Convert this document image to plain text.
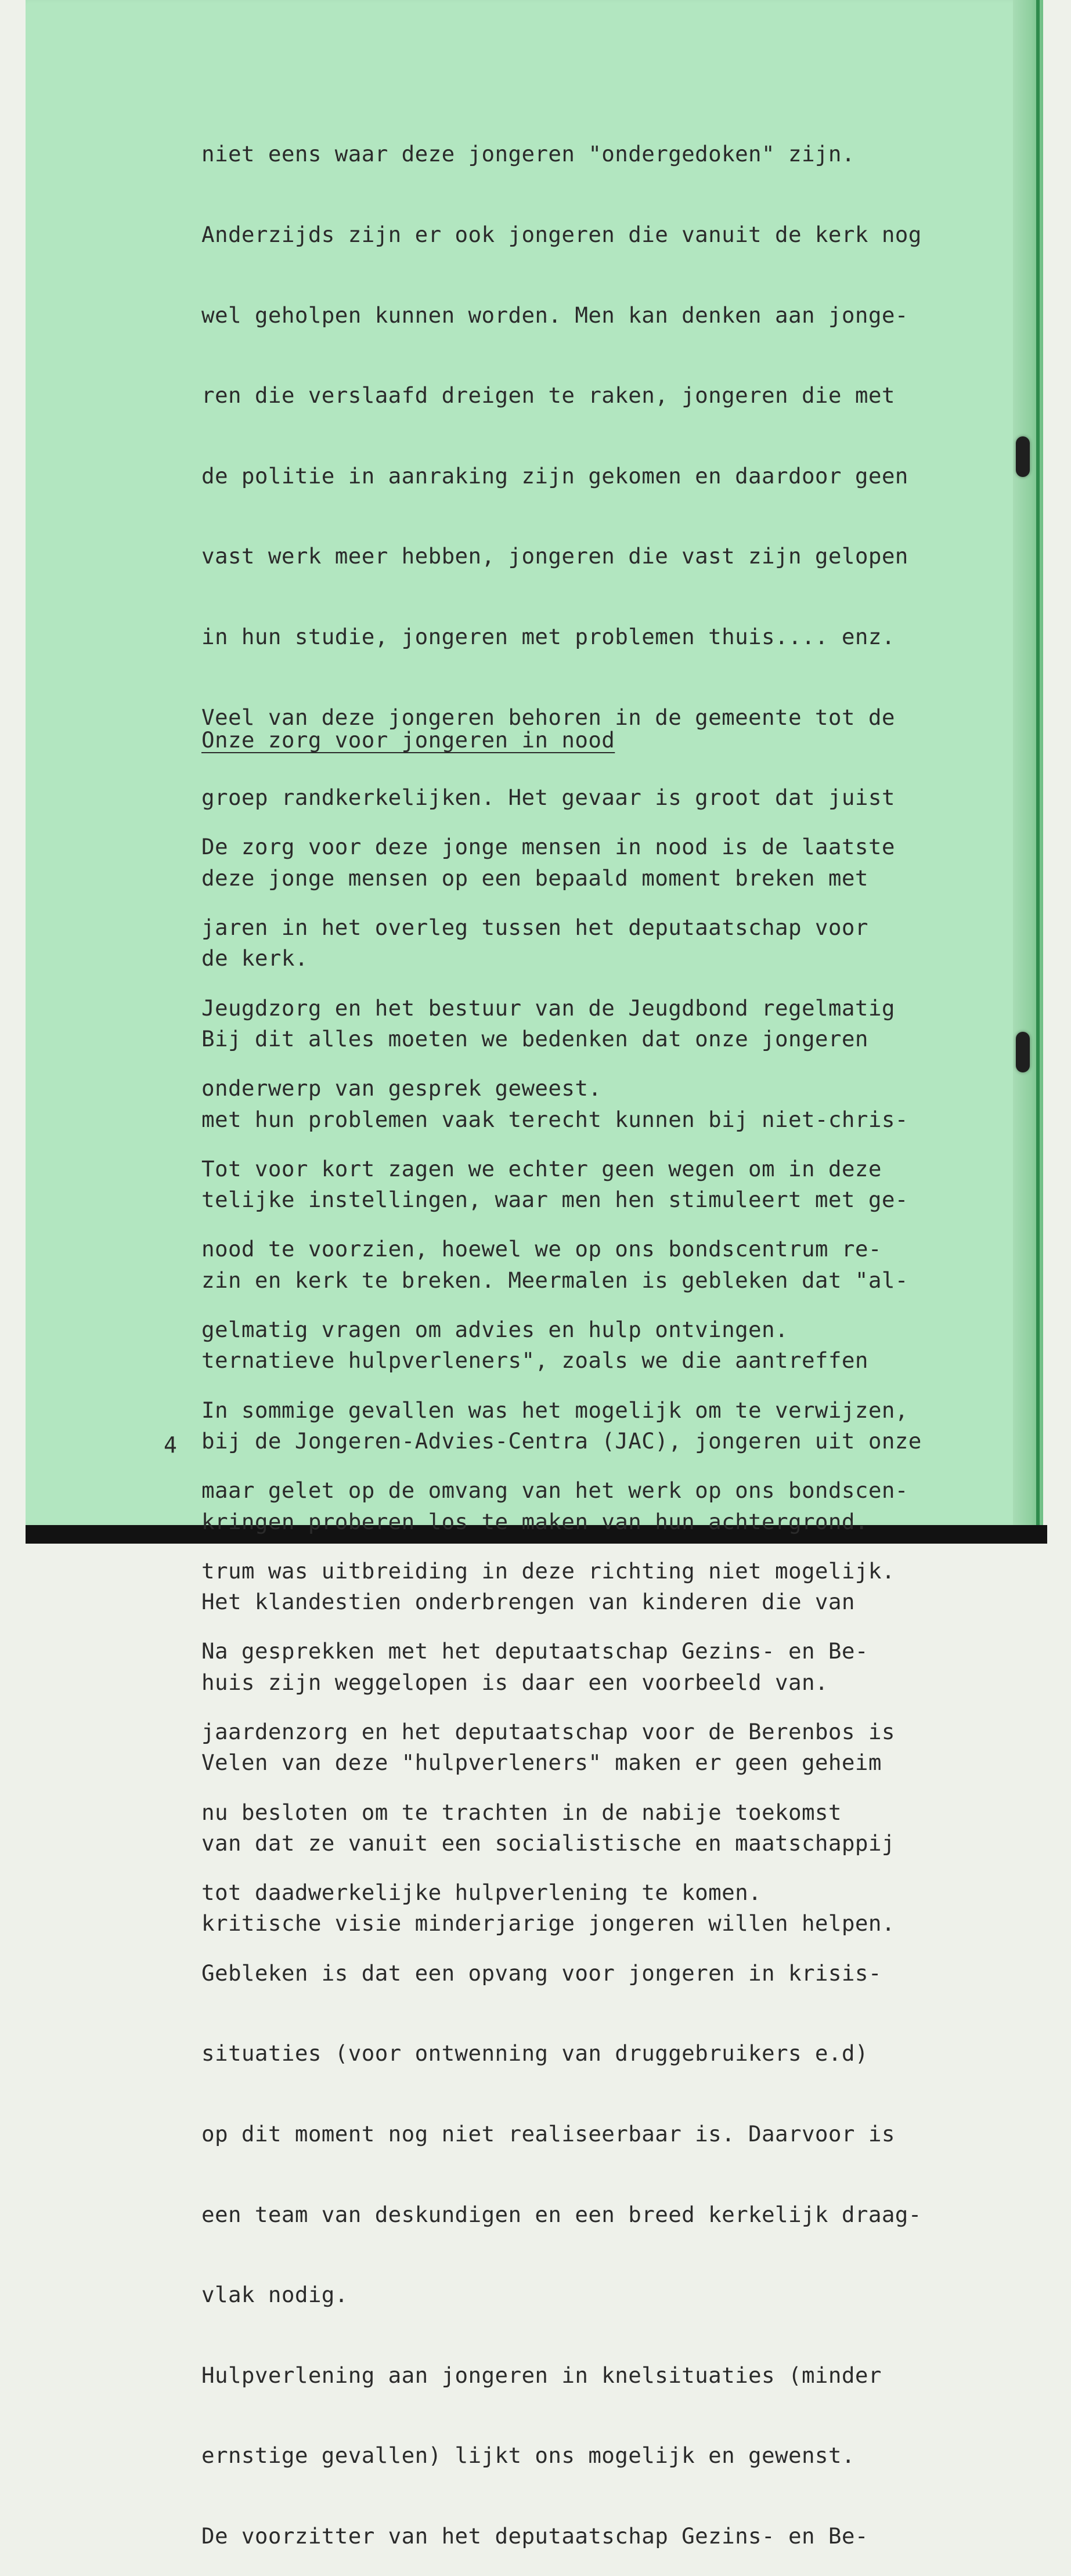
niet eens waar deze jongeren "ondergedoken" zijn.

Anderzijds zijn er ook jongeren die vanuit de kerk nog

wel geholpen kunnen worden. Men kan denken aan jonge-

ren die verslaafd dreigen te raken, jongeren die met

de politie in aanraking zijn gekomen en daardoor geen

vast werk meer hebben, jongeren die vast zijn gelopen

in hun studie, jongeren met problemen thuis.... enz.

Veel van deze jongeren behoren in de gemeente tot de

groep randkerkelijken. Het gevaar is groot dat juist

deze jonge mensen op een bepaald moment breken met

de kerk.

Bij dit alles moeten we bedenken dat onze jongeren

met hun problemen vaak terecht kunnen bij niet-chris-

telijke instellingen, waar men hen stimuleert met ge-

zin en kerk te breken. Meermalen is gebleken dat "al-

ternatieve hulpverleners", zoals we die aantreffen

bij de Jongeren-Advies-Centra (JAC), jongeren uit onze

kringen proberen los te maken van hun achtergrond.

Het klandestien onderbrengen van kinderen die van

huis zijn weggelopen is daar een voorbeeld van.

Velen van deze "hulpverleners" maken er geen geheim

van dat ze vanuit een socialistische en maatschappij

kritische visie minderjarige jongeren willen helpen.

Onze zorg voor jongeren in nood

De zorg voor deze jonge mensen in nood is de laatste

jaren in het overleg tussen het deputaatschap voor

Jeugdzorg en het bestuur van de Jeugdbond regelmatig

onderwerp van gesprek geweest.

Tot voor kort zagen we echter geen wegen om in deze

nood te voorzien, hoewel we op ons bondscentrum re-

gelmatig vragen om advies en hulp ontvingen.

In sommige gevallen was het mogelijk om te verwijzen,

maar gelet op de omvang van het werk op ons bondscen-

trum was uitbreiding in deze richting niet mogelijk.

Na gesprekken met het deputaatschap Gezins- en Be-

jaardenzorg en het deputaatschap voor de Berenbos is

nu besloten om te trachten in de nabije toekomst

tot daadwerkelijke hulpverlening te komen.

Gebleken is dat een opvang voor jongeren in krisis-

situaties (voor ontwenning van druggebruikers e.d)

op dit moment nog niet realiseerbaar is. Daarvoor is

een team van deskundigen en een breed kerkelijk draag-

vlak nodig.

Hulpverlening aan jongeren in knelsituaties (minder

ernstige gevallen) lijkt ons mogelijk en gewenst.

De voorzitter van het deputaatschap Gezins- en Be-

4
